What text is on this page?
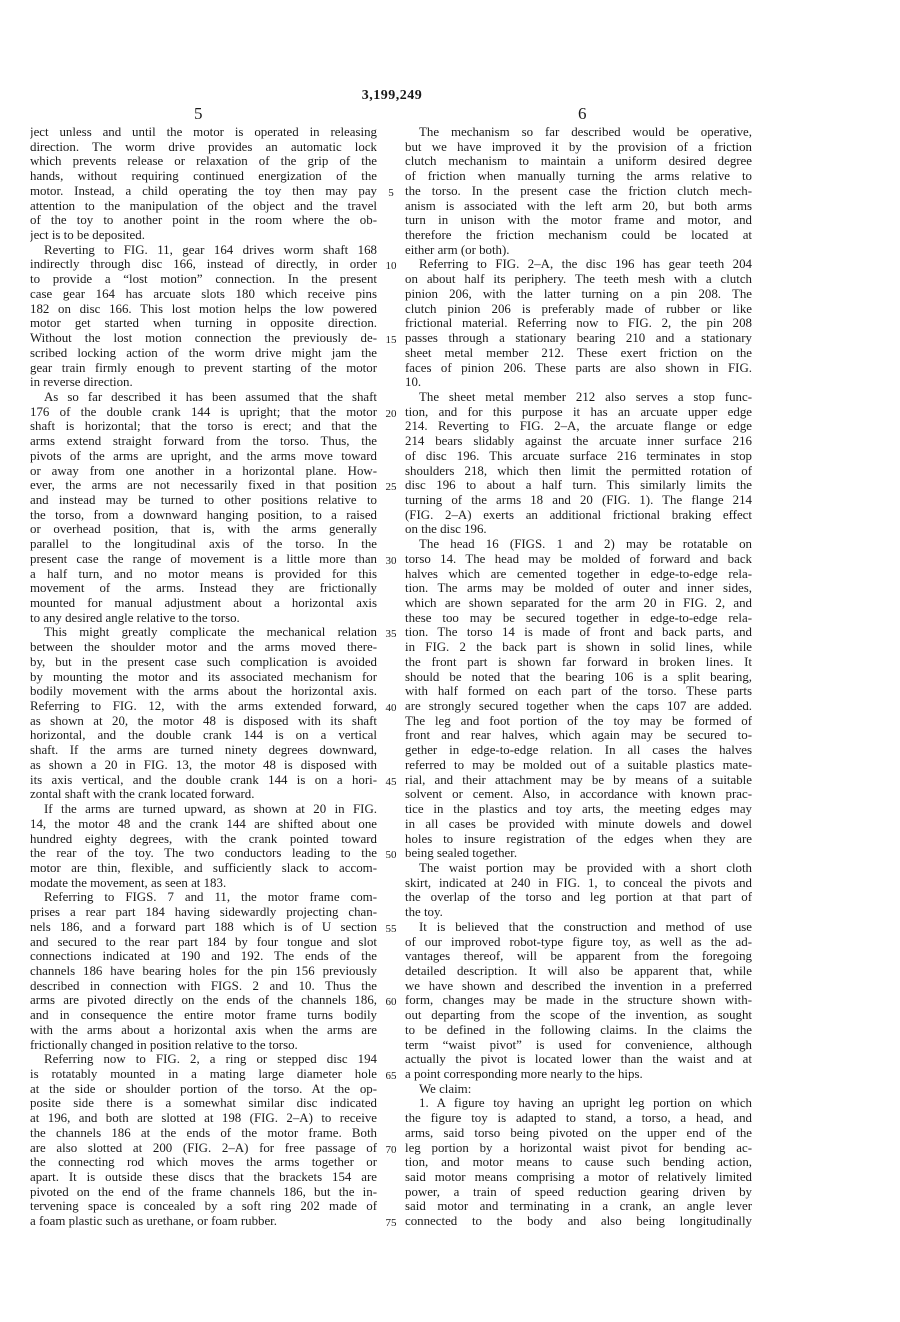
3,199,249
5	6
ject unless and until the motor is operated in releasing
direction. The worm drive provides an automatic lock
which prevents release or relaxation of the grip of the
hands, without requiring continued energization of the
motor. Instead, a child operating the toy then may pay
attention to the manipulation of the object and the travel
of the toy to another point in the room where the ob-
ject is to be deposited.
Reverting to FIG. 11, gear 164 drives worm shaft 168
indirectly through disc 166, instead of directly, in order
to provide a “lost motion” connection. In the present
case gear 164 has arcuate slots 180 which receive pins
182 on disc 166. This lost motion helps the low powered
motor get started when turning in opposite direction.
Without the lost motion connection the previously de-
scribed locking action of the worm drive might jam the
gear train firmly enough to prevent starting of the motor
in reverse direction.
As so far described it has been assumed that the shaft
176 of the double crank 144 is upright; that the motor
shaft is horizontal; that the torso is erect; and that the
arms extend straight forward from the torso. Thus, the
pivots of the arms are upright, and the arms move toward
or away from one another in a horizontal plane. How-
ever, the arms are not necessarily fixed in that position
and instead may be turned to other positions relative to
the torso, from a downward hanging position, to a raised
or overhead position, that is, with the arms generally
parallel to the longitudinal axis of the torso. In the
present case the range of movement is a little more than
a half turn, and no motor means is provided for this
movement of the arms. Instead they are frictionally
mounted for manual adjustment about a horizontal axis
to any desired angle relative to the torso.
This might greatly complicate the mechanical relation
between the shoulder motor and the arms moved there-
by, but in the present case such complication is avoided
by mounting the motor and its associated mechanism for
bodily movement with the arms about the horizontal axis.
Referring to FIG. 12, with the arms extended forward,
as shown at 20, the motor 48 is disposed with its shaft
horizontal, and the double crank 144 is on a vertical
shaft. If the arms are turned ninety degrees downward,
as shown a 20 in FIG. 13, the motor 48 is disposed with
its axis vertical, and the double crank 144 is on a hori-
zontal shaft with the crank located forward.
If the arms are turned upward, as shown at 20 in FIG.
14, the motor 48 and the crank 144 are shifted about one
hundred eighty degrees, with the crank pointed toward
the rear of the toy. The two conductors leading to the
motor are thin, flexible, and sufficiently slack to accom-
modate the movement, as seen at 183.
Referring to FIGS. 7 and 11, the motor frame com-
prises a rear part 184 having sidewardly projecting chan-
nels 186, and a forward part 188 which is of U section
and secured to the rear part 184 by four tongue and slot
connections indicated at 190 and 192. The ends of the
channels 186 have bearing holes for the pin 156 previously
described in connection with FIGS. 2 and 10. Thus the
arms are pivoted directly on the ends of the channels 186,
and in consequence the entire motor frame turns bodily
with the arms about a horizontal axis when the arms are
frictionally changed in position relative to the torso.
Referring now to FIG. 2, a ring or stepped disc 194
is rotatably mounted in a mating large diameter hole
at the side or shoulder portion of the torso. At the op-
posite side there is a somewhat similar disc indicated
at 196, and both are slotted at 198 (FIG. 2–A) to receive
the channels 186 at the ends of the motor frame. Both
are also slotted at 200 (FIG. 2–A) for free passage of
the connecting rod which moves the arms together or
apart. It is outside these discs that the brackets 154 are
pivoted on the end of the frame channels 186, but the in-
tervening space is concealed by a soft ring 202 made of
a foam plastic such as urethane, or foam rubber.
5
10
15
20
25
30
35
40
45
50
55
60
65
70
75
The mechanism so far described would be operative,
but we have improved it by the provision of a friction
clutch mechanism to maintain a uniform desired degree
of friction when manually turning the arms relative to
the torso. In the present case the friction clutch mech-
anism is associated with the left arm 20, but both arms
turn in unison with the motor frame and motor, and
therefore the friction mechanism could be located at
either arm (or both).
Referring to FIG. 2–A, the disc 196 has gear teeth 204
on about half its periphery. The teeth mesh with a clutch
pinion 206, with the latter turning on a pin 208. The
clutch pinion 206 is preferably made of rubber or like
frictional material. Referring now to FIG. 2, the pin 208
passes through a stationary bearing 210 and a stationary
sheet metal member 212. These exert friction on the
faces of pinion 206. These parts are also shown in FIG.
10.
The sheet metal member 212 also serves a stop func-
tion, and for this purpose it has an arcuate upper edge
214. Reverting to FIG. 2–A, the arcuate flange or edge
214 bears slidably against the arcuate inner surface 216
of disc 196. This arcuate surface 216 terminates in stop
shoulders 218, which then limit the permitted rotation of
disc 196 to about a half turn. This similarly limits the
turning of the arms 18 and 20 (FIG. 1). The flange 214
(FIG. 2–A) exerts an additional frictional braking effect
on the disc 196.
The head 16 (FIGS. 1 and 2) may be rotatable on
torso 14. The head may be molded of forward and back
halves which are cemented together in edge-to-edge rela-
tion. The arms may be molded of outer and inner sides,
which are shown separated for the arm 20 in FIG. 2, and
these too may be secured together in edge-to-edge rela-
tion. The torso 14 is made of front and back parts, and
in FIG. 2 the back part is shown in solid lines, while
the front part is shown far forward in broken lines. It
should be noted that the bearing 106 is a split bearing,
with half formed on each part of the torso. These parts
are strongly secured together when the caps 107 are added.
The leg and foot portion of the toy may be formed of
front and rear halves, which again may be secured to-
gether in edge-to-edge relation. In all cases the halves
referred to may be molded out of a suitable plastics mate-
rial, and their attachment may be by means of a suitable
solvent or cement. Also, in accordance with known prac-
tice in the plastics and toy arts, the meeting edges may
in all cases be provided with minute dowels and dowel
holes to insure registration of the edges when they are
being sealed together.
The waist portion may be provided with a short cloth
skirt, indicated at 240 in FIG. 1, to conceal the pivots and
the overlap of the torso and leg portion at that part of
the toy.
It is believed that the construction and method of use
of our improved robot-type figure toy, as well as the ad-
vantages thereof, will be apparent from the foregoing
detailed description. It will also be apparent that, while
we have shown and described the invention in a preferred
form, changes may be made in the structure shown with-
out departing from the scope of the invention, as sought
to be defined in the following claims. In the claims the
term “waist pivot” is used for convenience, although
actually the pivot is located lower than the waist and at
a point corresponding more nearly to the hips.
We claim:
1. A figure toy having an upright leg portion on which
the figure toy is adapted to stand, a torso, a head, and
arms, said torso being pivoted on the upper end of the
leg portion by a horizontal waist pivot for bending ac-
tion, and motor means to cause such bending action,
said motor means comprising a motor of relatively limited
power, a train of speed reduction gearing driven by
said motor and terminating in a crank, an angle lever
connected to the body and also being longitudinally
